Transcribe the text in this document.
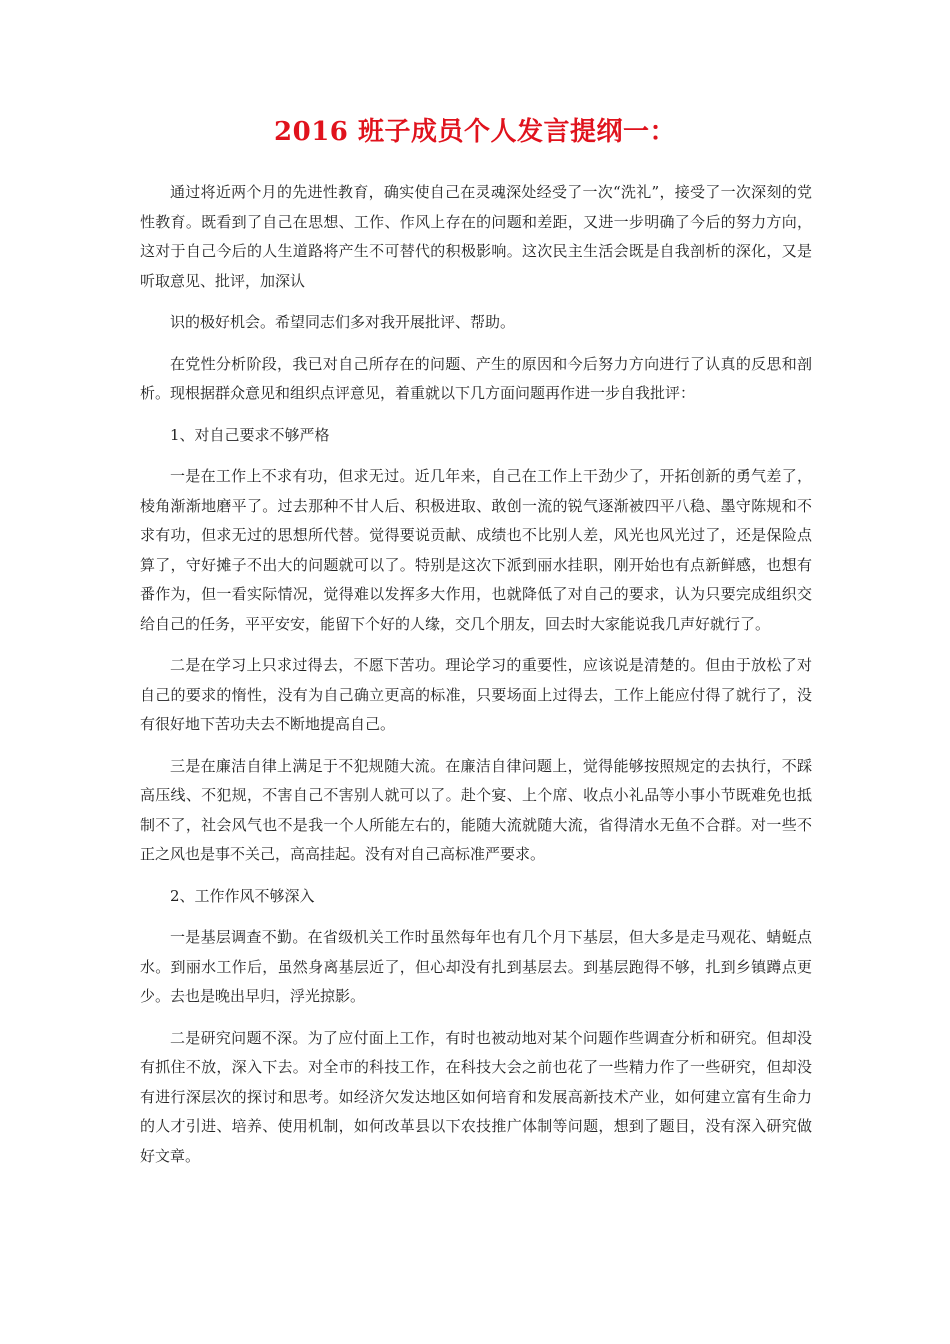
2016 班子成员个人发言提纲一：

通过将近两个月的先进性教育，确实使自己在灵魂深处经受了一次“洗礼”，接受了一次深刻的党性教育。既看到了自己在思想、工作、作风上存在的问题和差距，又进一步明确了今后的努力方向，这对于自己今后的人生道路将产生不可替代的积极影响。这次民主生活会既是自我剖析的深化，又是听取意见、批评，加深认

识的极好机会。希望同志们多对我开展批评、帮助。

在党性分析阶段，我已对自己所存在的问题、产生的原因和今后努力方向进行了认真的反思和剖析。现根据群众意见和组织点评意见，着重就以下几方面问题再作进一步自我批评：

1、对自己要求不够严格

一是在工作上不求有功，但求无过。近几年来，自己在工作上干劲少了，开拓创新的勇气差了，棱角渐渐地磨平了。过去那种不甘人后、积极进取、敢创一流的锐气逐渐被四平八稳、墨守陈规和不求有功，但求无过的思想所代替。觉得要说贡献、成绩也不比别人差，风光也风光过了，还是保险点算了，守好摊子不出大的问题就可以了。特别是这次下派到丽水挂职，刚开始也有点新鲜感，也想有番作为，但一看实际情况，觉得难以发挥多大作用，也就降低了对自己的要求，认为只要完成组织交给自己的任务，平平安安，能留下个好的人缘，交几个朋友，回去时大家能说我几声好就行了。

二是在学习上只求过得去，不愿下苦功。理论学习的重要性，应该说是清楚的。但由于放松了对自己的要求的惰性，没有为自己确立更高的标准，只要场面上过得去，工作上能应付得了就行了，没有很好地下苦功夫去不断地提高自己。

三是在廉洁自律上满足于不犯规随大流。在廉洁自律问题上，觉得能够按照规定的去执行，不踩高压线、不犯规，不害自己不害别人就可以了。赴个宴、上个席、收点小礼品等小事小节既难免也抵制不了，社会风气也不是我一个人所能左右的，能随大流就随大流，省得清水无鱼不合群。对一些不正之风也是事不关己，高高挂起。没有对自己高标准严要求。

2、工作作风不够深入

一是基层调查不勤。在省级机关工作时虽然每年也有几个月下基层，但大多是走马观花、蜻蜓点水。到丽水工作后，虽然身离基层近了，但心却没有扎到基层去。到基层跑得不够，扎到乡镇蹲点更少。去也是晚出早归，浮光掠影。

二是研究问题不深。为了应付面上工作，有时也被动地对某个问题作些调查分析和研究。但却没有抓住不放，深入下去。对全市的科技工作，在科技大会之前也花了一些精力作了一些研究，但却没有进行深层次的探讨和思考。如经济欠发达地区如何培育和发展高新技术产业，如何建立富有生命力的人才引进、培养、使用机制，如何改革县以下农技推广体制等问题，想到了题目，没有深入研究做好文章。
